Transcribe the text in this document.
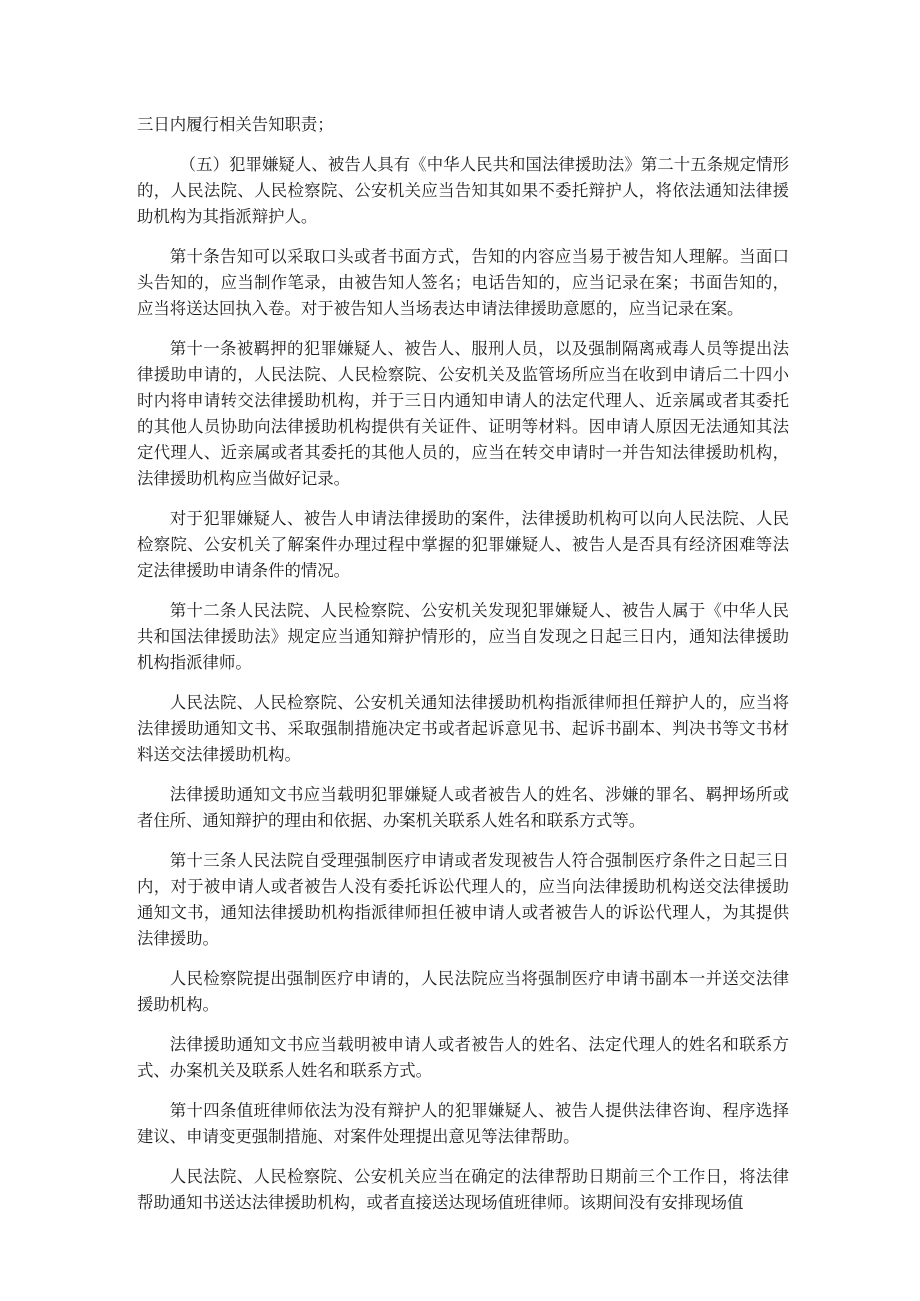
三日内履行相关告知职责；

（五）犯罪嫌疑人、被告人具有《中华人民共和国法律援助法》第二十五条规定情形的，人民法院、人民检察院、公安机关应当告知其如果不委托辩护人，将依法通知法律援助机构为其指派辩护人。

第十条告知可以采取口头或者书面方式，告知的内容应当易于被告知人理解。当面口头告知的，应当制作笔录，由被告知人签名；电话告知的，应当记录在案；书面告知的，应当将送达回执入卷。对于被告知人当场表达申请法律援助意愿的，应当记录在案。

第十一条被羁押的犯罪嫌疑人、被告人、服刑人员，以及强制隔离戒毒人员等提出法律援助申请的，人民法院、人民检察院、公安机关及监管场所应当在收到申请后二十四小时内将申请转交法律援助机构，并于三日内通知申请人的法定代理人、近亲属或者其委托的其他人员协助向法律援助机构提供有关证件、证明等材料。因申请人原因无法通知其法定代理人、近亲属或者其委托的其他人员的，应当在转交申请时一并告知法律援助机构，法律援助机构应当做好记录。

对于犯罪嫌疑人、被告人申请法律援助的案件，法律援助机构可以向人民法院、人民检察院、公安机关了解案件办理过程中掌握的犯罪嫌疑人、被告人是否具有经济困难等法定法律援助申请条件的情况。

第十二条人民法院、人民检察院、公安机关发现犯罪嫌疑人、被告人属于《中华人民共和国法律援助法》规定应当通知辩护情形的，应当自发现之日起三日内，通知法律援助机构指派律师。

人民法院、人民检察院、公安机关通知法律援助机构指派律师担任辩护人的，应当将法律援助通知文书、采取强制措施决定书或者起诉意见书、起诉书副本、判决书等文书材料送交法律援助机构。

法律援助通知文书应当载明犯罪嫌疑人或者被告人的姓名、涉嫌的罪名、羁押场所或者住所、通知辩护的理由和依据、办案机关联系人姓名和联系方式等。

第十三条人民法院自受理强制医疗申请或者发现被告人符合强制医疗条件之日起三日内，对于被申请人或者被告人没有委托诉讼代理人的，应当向法律援助机构送交法律援助通知文书，通知法律援助机构指派律师担任被申请人或者被告人的诉讼代理人，为其提供法律援助。

人民检察院提出强制医疗申请的，人民法院应当将强制医疗申请书副本一并送交法律援助机构。

法律援助通知文书应当载明被申请人或者被告人的姓名、法定代理人的姓名和联系方式、办案机关及联系人姓名和联系方式。

第十四条值班律师依法为没有辩护人的犯罪嫌疑人、被告人提供法律咨询、程序选择建议、申请变更强制措施、对案件处理提出意见等法律帮助。

人民法院、人民检察院、公安机关应当在确定的法律帮助日期前三个工作日，将法律帮助通知书送达法律援助机构，或者直接送达现场值班律师。该期间没有安排现场值
